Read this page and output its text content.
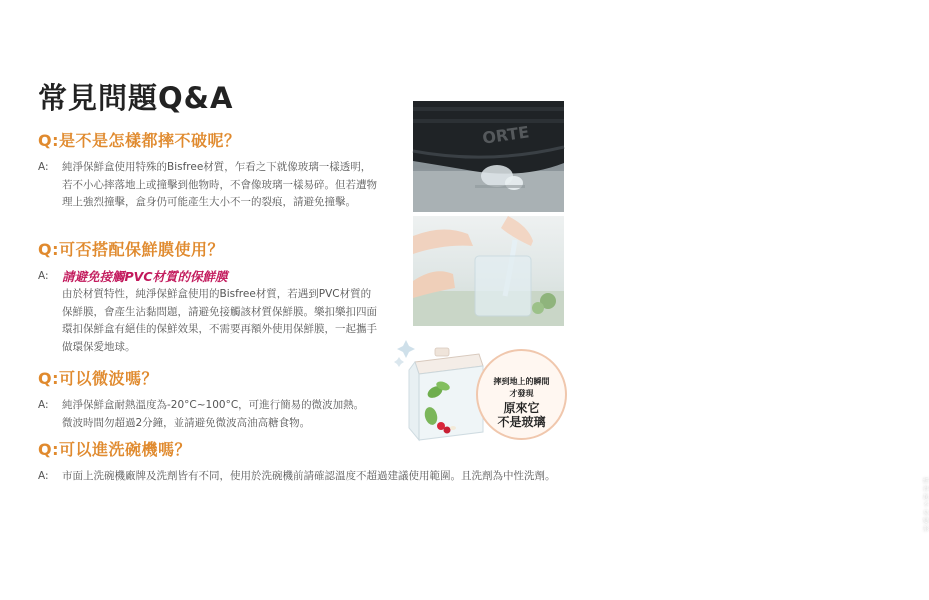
常見問題Q&A

Q:是不是怎樣都摔不破呢？

A: 純淨保鮮盒使用特殊的Bisfree材質，乍看之下就像玻璃一樣透明，若不小心摔落地上或撞擊到他物時，不會像玻璃一樣易碎。但若遭物理上強烈撞擊，盒身仍可能產生大小不一的裂痕，請避免撞擊。

Q:可否搭配保鮮膜使用？

A: 請避免接觸PVC材質的保鮮膜
由於材質特性，純淨保鮮盒使用的Bisfree材質，若遇到PVC材質的保鮮膜，會產生沾黏問題，請避免接觸該材質保鮮膜。樂扣樂扣四面環扣保鮮盒有絕佳的保鮮效果，不需要再額外使用保鮮膜，一起攜手做環保愛地球。

Q:可以微波嗎？

A: 純淨保鮮盒耐熱溫度為-20°C~100°C，可進行簡易的微波加熱。微波時間勿超過2分鐘，並請避免微波高油高糖食物。

Q:可以進洗碗機嗎？

A: 市面上洗碗機廠牌及洗劑皆有不同，使用於洗碗機前請確認溫度不超過建議使用範圍。且洗劑為中性洗劑。

ORTE
經得起
不易變形
摔到地上的瞬間
才發現
原來它
不是玻璃
